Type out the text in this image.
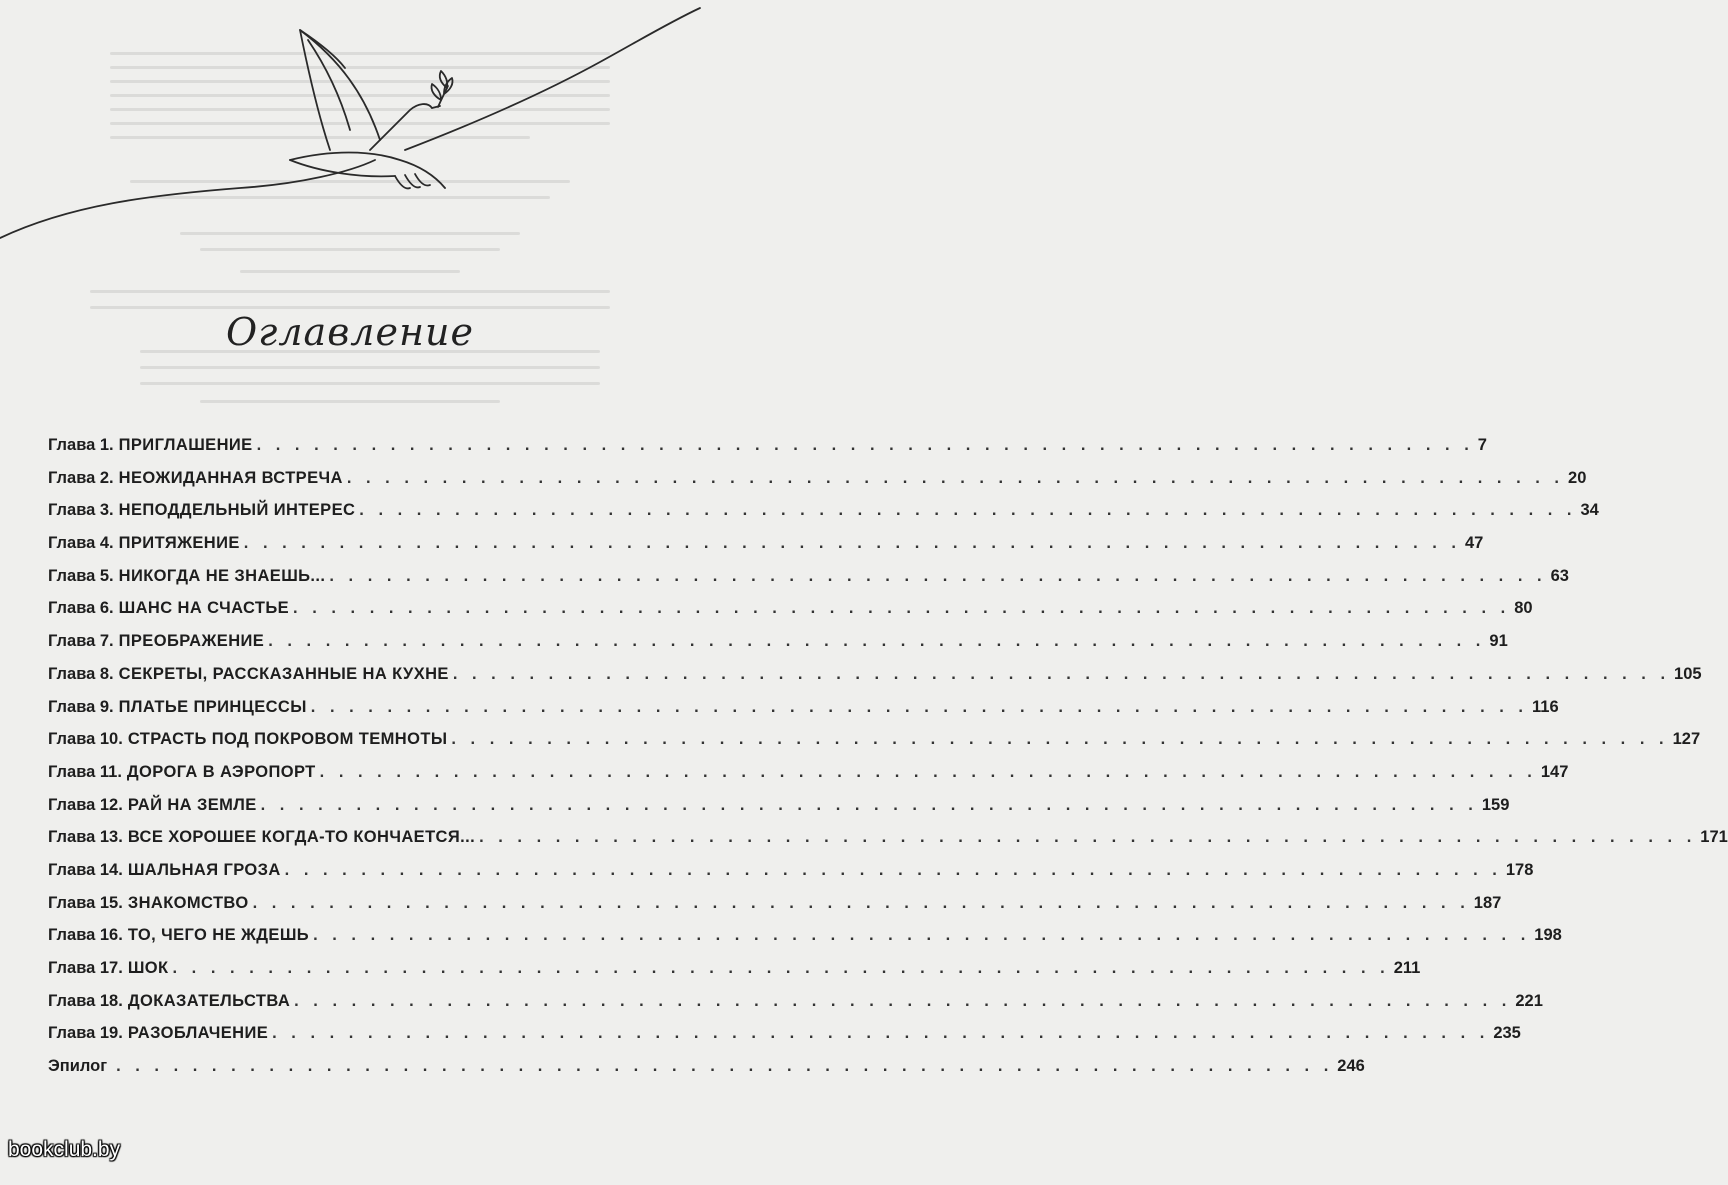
Оглавление
Глава 1. ПРИГЛАШЕНИЕ . . . . . . . . . . . . . . . . . . . . . . . . . . . . . . . . . . . . . . . . . . . . . . . . . . . . . . . . . . . . . . . . 7
Глава 2. НЕОЖИДАННАЯ ВСТРЕЧА . . . . . . . . . . . . . . . . . . . . . . . . . . . . . . . . . . . . . . . . . . . . . . . . . . . . . . . . . . . . . . . . 20
Глава 3. НЕПОДДЕЛЬНЫЙ ИНТЕРЕС . . . . . . . . . . . . . . . . . . . . . . . . . . . . . . . . . . . . . . . . . . . . . . . . . . . . . . . . . . . . . . . . 34
Глава 4. ПРИТЯЖЕНИЕ . . . . . . . . . . . . . . . . . . . . . . . . . . . . . . . . . . . . . . . . . . . . . . . . . . . . . . . . . . . . . . . . 47
Глава 5. НИКОГДА НЕ ЗНАЕШЬ... . . . . . . . . . . . . . . . . . . . . . . . . . . . . . . . . . . . . . . . . . . . . . . . . . . . . . . . . . . . . . . . . 63
Глава 6. ШАНС НА СЧАСТЬЕ . . . . . . . . . . . . . . . . . . . . . . . . . . . . . . . . . . . . . . . . . . . . . . . . . . . . . . . . . . . . . . . . 80
Глава 7. ПРЕОБРАЖЕНИЕ . . . . . . . . . . . . . . . . . . . . . . . . . . . . . . . . . . . . . . . . . . . . . . . . . . . . . . . . . . . . . . . . 91
Глава 8. СЕКРЕТЫ, РАССКАЗАННЫЕ НА КУХНЕ . . . . . . . . . . . . . . . . . . . . . . . . . . . . . . . . . . . . . . . . . . . . . . . . . . . . . . . . . . . . . . . . 105
Глава 9. ПЛАТЬЕ ПРИНЦЕССЫ . . . . . . . . . . . . . . . . . . . . . . . . . . . . . . . . . . . . . . . . . . . . . . . . . . . . . . . . . . . . . . . . 116
Глава 10. СТРАСТЬ ПОД ПОКРОВОМ ТЕМНОТЫ . . . . . . . . . . . . . . . . . . . . . . . . . . . . . . . . . . . . . . . . . . . . . . . . . . . . . . . . . . . . . . . . 127
Глава 11. ДОРОГА В АЭРОПОРТ . . . . . . . . . . . . . . . . . . . . . . . . . . . . . . . . . . . . . . . . . . . . . . . . . . . . . . . . . . . . . . . . 147
Глава 12. РАЙ НА ЗЕМЛЕ . . . . . . . . . . . . . . . . . . . . . . . . . . . . . . . . . . . . . . . . . . . . . . . . . . . . . . . . . . . . . . . . 159
Глава 13. ВСЕ ХОРОШЕЕ КОГДА-ТО КОНЧАЕТСЯ... . . . . . . . . . . . . . . . . . . . . . . . . . . . . . . . . . . . . . . . . . . . . . . . . . . . . . . . . . . . . . . . . 171
Глава 14. ШАЛЬНАЯ ГРОЗА . . . . . . . . . . . . . . . . . . . . . . . . . . . . . . . . . . . . . . . . . . . . . . . . . . . . . . . . . . . . . . . . 178
Глава 15. ЗНАКОМСТВО . . . . . . . . . . . . . . . . . . . . . . . . . . . . . . . . . . . . . . . . . . . . . . . . . . . . . . . . . . . . . . . . 187
Глава 16. ТО, ЧЕГО НЕ ЖДЕШЬ . . . . . . . . . . . . . . . . . . . . . . . . . . . . . . . . . . . . . . . . . . . . . . . . . . . . . . . . . . . . . . . . 198
Глава 17. ШОК . . . . . . . . . . . . . . . . . . . . . . . . . . . . . . . . . . . . . . . . . . . . . . . . . . . . . . . . . . . . . . . . 211
Глава 18. ДОКАЗАТЕЛЬСТВА . . . . . . . . . . . . . . . . . . . . . . . . . . . . . . . . . . . . . . . . . . . . . . . . . . . . . . . . . . . . . . . . 221
Глава 19. РАЗОБЛАЧЕНИЕ . . . . . . . . . . . . . . . . . . . . . . . . . . . . . . . . . . . . . . . . . . . . . . . . . . . . . . . . . . . . . . . . 235
Эпилог . . . . . . . . . . . . . . . . . . . . . . . . . . . . . . . . . . . . . . . . . . . . . . . . . . . . . . . . . . . . . . . . 246
bookclub.by
